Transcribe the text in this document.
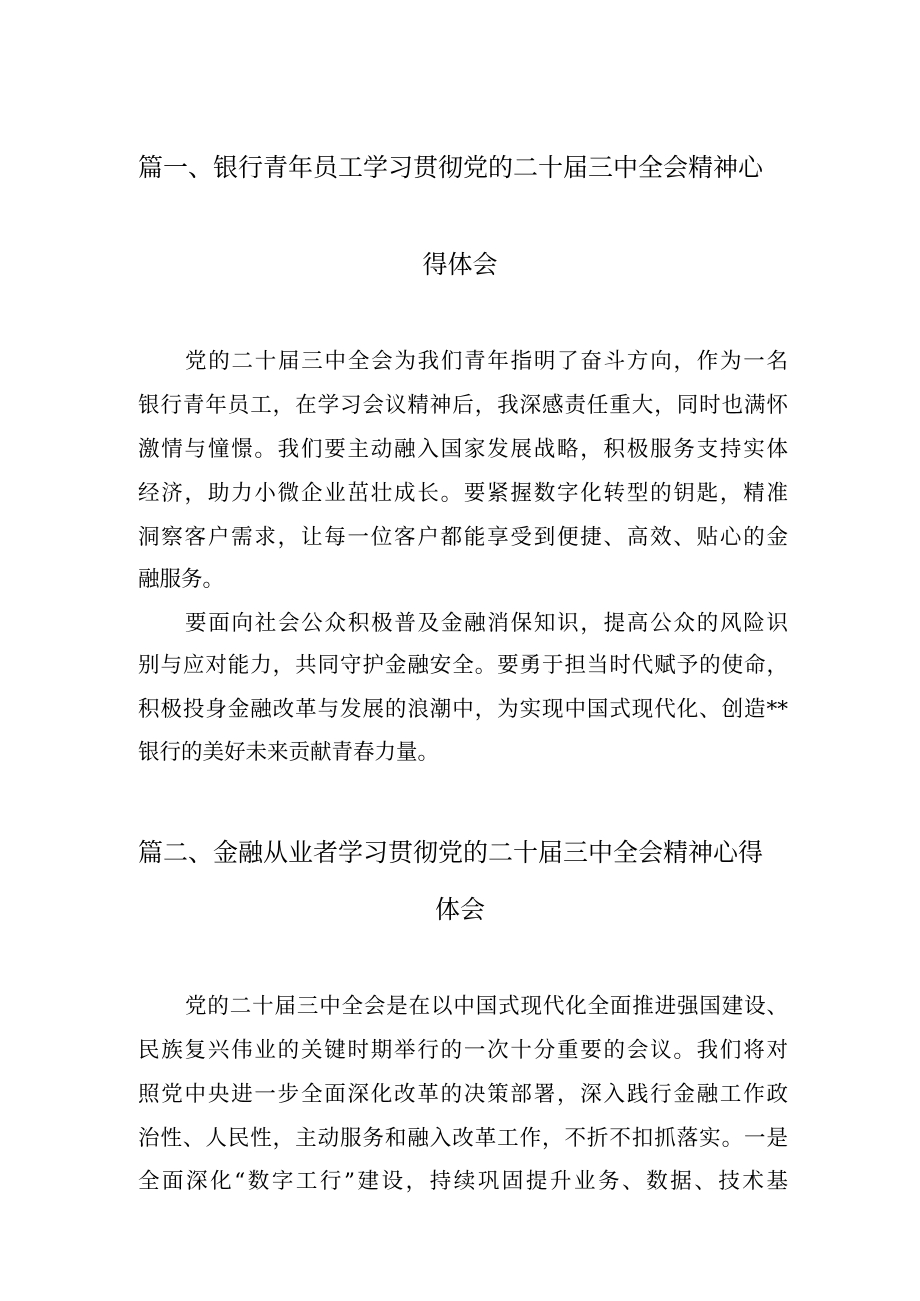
篇一、银行青年员工学习贯彻党的二十届三中全会精神心
得体会
党的二十届三中全会为我们青年指明了奋斗方向，作为一名
银行青年员工，在学习会议精神后，我深感责任重大，同时也满怀
激情与憧憬。我们要主动融入国家发展战略，积极服务支持实体
经济，助力小微企业茁壮成长。要紧握数字化转型的钥匙，精准
洞察客户需求，让每一位客户都能享受到便捷、高效、贴心的金
融服务。
要面向社会公众积极普及金融消保知识，提高公众的风险识
别与应对能力，共同守护金融安全。要勇于担当时代赋予的使命，
积极投身金融改革与发展的浪潮中，为实现中国式现代化、创造**
银行的美好未来贡献青春力量。
篇二、金融从业者学习贯彻党的二十届三中全会精神心得
体会
党的二十届三中全会是在以中国式现代化全面推进强国建设、
民族复兴伟业的关键时期举行的一次十分重要的会议。我们将对
照党中央进一步全面深化改革的决策部署，深入践行金融工作政
治性、人民性，主动服务和融入改革工作，不折不扣抓落实。一是
全面深化“数字工行”建设，持续巩固提升业务、数据、技术基
